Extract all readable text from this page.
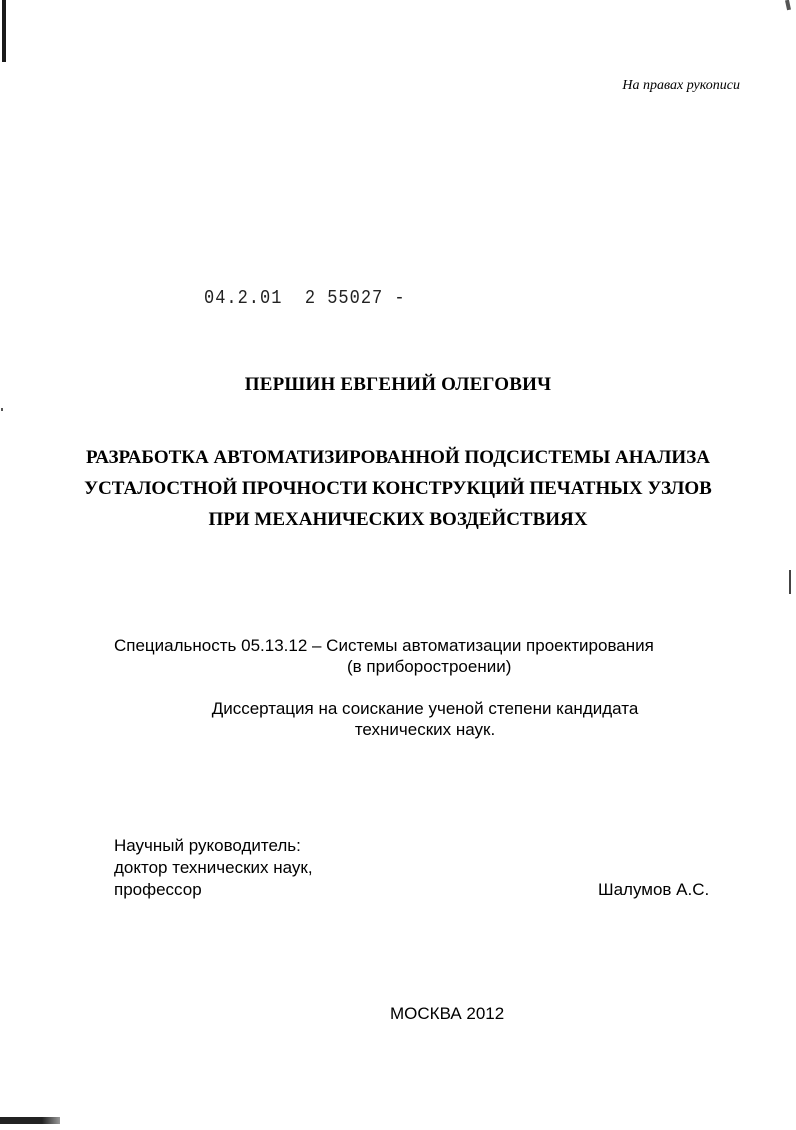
На правах рукописи
04.2.01  2 55027 -
ПЕРШИН ЕВГЕНИЙ ОЛЕГОВИЧ
РАЗРАБОТКА АВТОМАТИЗИРОВАННОЙ ПОДСИСТЕМЫ АНАЛИЗА
УСТАЛОСТНОЙ ПРОЧНОСТИ КОНСТРУКЦИЙ ПЕЧАТНЫХ УЗЛОВ
ПРИ МЕХАНИЧЕСКИХ ВОЗДЕЙСТВИЯХ
Специальность 05.13.12 – Системы автоматизации проектирования
(в приборостроении)
Диссертация на соискание ученой степени кандидата
технических наук.
Научный руководитель:
доктор технических наук,
профессор	Шалумов А.С.
МОСКВА 2012
